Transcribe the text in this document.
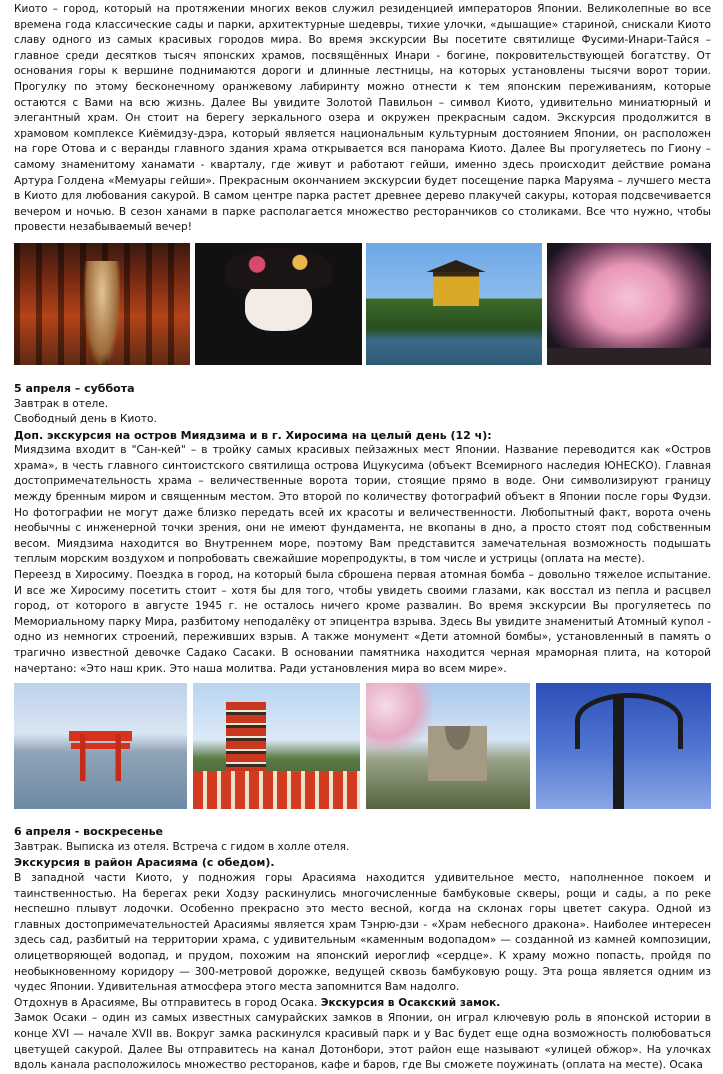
Киото – город, который на протяжении многих веков служил резиденцией императоров Японии. Великолепные во все времена года классические сады и парки, архитектурные шедевры, тихие улочки, «дышащие» стариной, снискали Киото славу одного из самых красивых городов мира. Во время экскурсии Вы посетите святилище Фусими-Инари-Тайся – главное среди десятков тысяч японских храмов, посвящённых Инари - богине, покровительствующей богатству. От основания горы к вершине поднимаются дороги и длинные лестницы, на которых установлены тысячи ворот тории. Прогулку по этому бесконечному оранжевому лабиринту можно отнести к тем японским переживаниям, которые остаются с Вами на всю жизнь. Далее Вы увидите Золотой Павильон – символ Киото, удивительно миниатюрный и элегантный храм. Он стоит на берегу зеркального озера и окружен прекрасным садом. Экскурсия продолжится в храмовом комплексе Киёмидзу-дэра, который является национальным культурным достоянием Японии, он расположен на горе Отова и с веранды главного здания храма открывается вся панорама Киото. Далее Вы прогуляетесь по Гиону – самому знаменитому ханамати - кварталу, где живут и работают гейши, именно здесь происходит действие романа Артура Голдена «Мемуары гейши». Прекрасным окончанием экскурсии будет посещение парка Маруяма – лучшего места в Киото для любования сакурой. В самом центре парка растет древнее дерево плакучей сакуры, которая подсвечивается вечером и ночью. В сезон ханами в парке располагается множество ресторанчиков со столиками. Все что нужно, чтобы провести незабываемый вечер!

5 апреля – суббота
Завтрак в отеле.
Свободный день в Киото.
Доп. экскурсия на остров Миядзима и в г. Хиросима на целый день (12 ч):

Миядзима входит в "Сан-кей" – в тройку самых красивых пейзажных мест Японии. Название переводится как «Остров храма», в честь главного синтоистского святилища острова Ицукусима (объект Всемирного наследия ЮНЕСКО). Главная достопримечательность храма – величественные ворота тории, стоящие прямо в воде. Они символизируют границу между бренным миром и священным местом. Это второй по количеству фотографий объект в Японии после горы Фудзи. Но фотографии не могут даже близко передать всей их красоты и величественности. Любопытный факт, ворота очень необычны с инженерной точки зрения, они не имеют фундамента, не вкопаны в дно, а просто стоят под собственным весом. Миядзима находится во Внутреннем море, поэтому Вам представится замечательная возможность подышать теплым морским воздухом и попробовать свежайшие морепродукты, в том числе и устрицы (оплата на месте).

Переезд в Хиросиму. Поездка в город, на который была сброшена первая атомная бомба – довольно тяжелое испытание. И все же Хиросиму посетить стоит – хотя бы для того, чтобы увидеть своими глазами, как восстал из пепла и расцвел город, от которого в августе 1945 г. не осталось ничего кроме развалин. Во время экскурсии Вы прогуляетесь по Мемориальному парку Мира, разбитому неподалёку от эпицентра взрыва. Здесь Вы увидите знаменитый Атомный купол - одно из немногих строений, переживших взрыв. А также монумент «Дети атомной бомбы», установленный в память о трагично известной девочке Садако Сасаки. В основании памятника находится черная мраморная плита, на которой начертано: «Это наш крик. Это наша молитва. Ради установления мира во всем мире».

6 апреля - воскресенье
Завтрак. Выписка из отеля. Встреча с гидом в холле отеля.
Экскурсия в район Арасияма (с обедом).

В западной части Киото, у подножия горы Арасияма находится удивительное место, наполненное покоем и таинственностью. На берегах реки Ходзу раскинулись многочисленные бамбуковые скверы, рощи и сады, а по реке неспешно плывут лодочки. Особенно прекрасно это место весной, когда на склонах горы цветет сакура. Одной из главных достопримечательностей Арасиямы является храм Тэнрю-дзи - «Храм небесного дракона». Наиболее интересен здесь сад, разбитый на территории храма, с удивительным «каменным водопадом» — созданной из камней композиции, олицетворяющей водопад, и прудом, похожим на японский иероглиф «сердце». К храму можно попасть, пройдя по необыкновенному коридору — 300-метровой дорожке, ведущей сквозь бамбуковую рощу. Эта роща является одним из чудес Японии. Удивительная атмосфера этого места запомнится Вам надолго.

Отдохнув в Арасияме, Вы отправитесь в город Осака. Экскурсия в Осакский замок.

Замок Осаки – один из самых известных самурайских замков в Японии, он играл ключевую роль в японской истории в конце XVI — начале XVII вв. Вокруг замка раскинулся красивый парк и у Вас будет еще одна возможность полюбоваться цветущей сакурой. Далее Вы отправитесь на канал Дотонбори, этот район еще называют «улицей обжор». На улочках вдоль канала расположилось множество ресторанов, кафе и баров, где Вы сможете поужинать (оплата на месте). Осака
